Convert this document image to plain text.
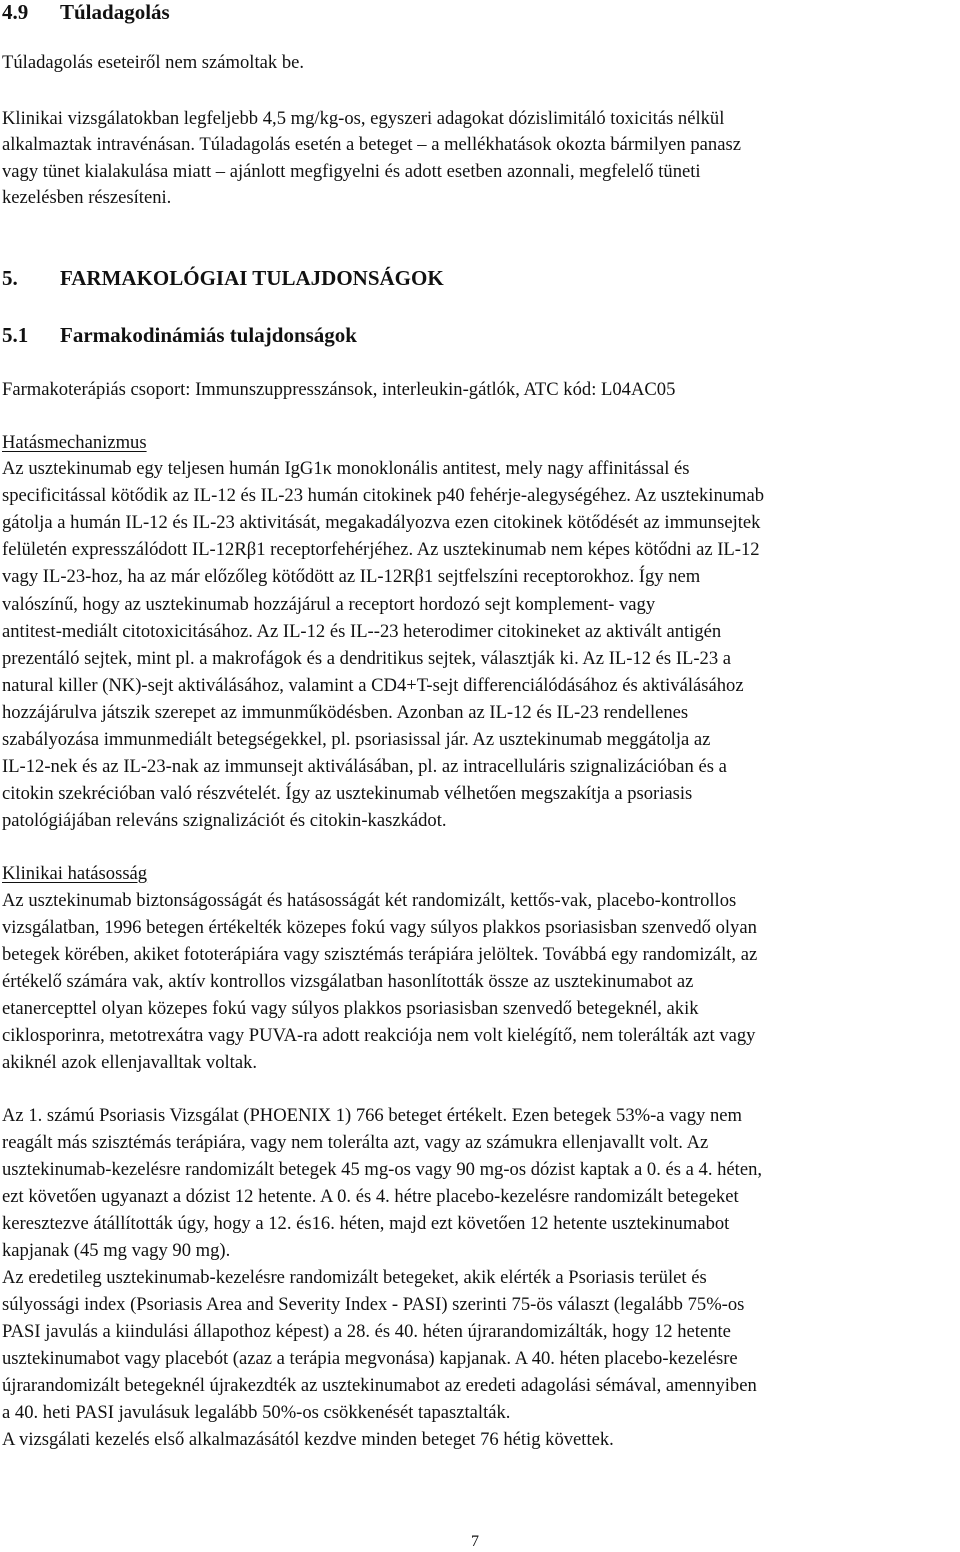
4.9 Túladagolás
Túladagolás eseteiről nem számoltak be.
Klinikai vizsgálatokban legfeljebb 4,5 mg/kg-os, egyszeri adagokat dózislimitáló toxicitás nélkül
alkalmaztak intravénásan. Túladagolás esetén a beteget – a mellékhatások okozta bármilyen panasz
vagy tünet kialakulása miatt – ajánlott megfigyelni és adott esetben azonnali, megfelelő tüneti
kezelésben részesíteni.
5. FARMAKOLÓGIAI TULAJDONSÁGOK
5.1 Farmakodinámiás tulajdonságok
Farmakoterápiás csoport: Immunszuppresszánsok, interleukin-gátlók, ATC kód: L04AC05
Hatásmechanizmus
Az usztekinumab egy teljesen humán IgG1κ monoklonális antitest, mely nagy affinitással és
specificitással kötődik az IL-12 és IL-23 humán citokinek p40 fehérje-alegységéhez. Az usztekinumab
gátolja a humán IL-12 és IL-23 aktivitását, megakadályozva ezen citokinek kötődését az immunsejtek
felületén expresszálódott IL-12Rβ1 receptorfehérjéhez. Az usztekinumab nem képes kötődni az IL-12
vagy IL-23-hoz, ha az már előzőleg kötődött az IL-12Rβ1 sejtfelszíni receptorokhoz. Így nem
valószínű, hogy az usztekinumab hozzájárul a receptort hordozó sejt komplement- vagy
antitest-mediált citotoxicitásához. Az IL-12 és IL--23 heterodimer citokineket az aktivált antigén
prezentáló sejtek, mint pl. a makrofágok és a dendritikus sejtek, választják ki. Az IL-12 és IL-23 a
natural killer (NK)-sejt aktiválásához, valamint a CD4+T-sejt differenciálódásához és aktiválásához
hozzájárulva játszik szerepet az immunműködésben. Azonban az IL-12 és IL-23 rendellenes
szabályozása immunmediált betegségekkel, pl. psoriasissal jár. Az usztekinumab meggátolja az
IL-12-nek és az IL-23-nak az immunsejt aktiválásában, pl. az intracelluláris szignalizációban és a
citokin szekrécióban való részvételét. Így az usztekinumab vélhetően megszakítja a psoriasis
patológiájában releváns szignalizációt és citokin-kaszkádot.
Klinikai hatásosság
Az usztekinumab biztonságosságát és hatásosságát két randomizált, kettős-vak, placebo-kontrollos
vizsgálatban, 1996 betegen értékelték közepes fokú vagy súlyos plakkos psoriasisban szenvedő olyan
betegek körében, akiket fototerápiára vagy szisztémás terápiára jelöltek. Továbbá egy randomizált, az
értékelő számára vak, aktív kontrollos vizsgálatban hasonlították össze az usztekinumabot az
etanercepttel olyan közepes fokú vagy súlyos plakkos psoriasisban szenvedő betegeknél, akik
ciklosporinra, metotrexátra vagy PUVA-ra adott reakciója nem volt kielégítő, nem tolerálták azt vagy
akiknél azok ellenjavalltak voltak.
Az 1. számú Psoriasis Vizsgálat (PHOENIX 1) 766 beteget értékelt. Ezen betegek 53%-a vagy nem
reagált más szisztémás terápiára, vagy nem tolerálta azt, vagy az számukra ellenjavallt volt. Az
usztekinumab-kezelésre randomizált betegek 45 mg-os vagy 90 mg-os dózist kaptak a 0. és a 4. héten,
ezt követően ugyanazt a dózist 12 hetente. A 0. és 4. hétre placebo-kezelésre randomizált betegeket
keresztezve átállították úgy, hogy a 12. és16. héten, majd ezt követően 12 hetente usztekinumabot
kapjanak (45 mg vagy 90 mg).
Az eredetileg usztekinumab-kezelésre randomizált betegeket, akik elérték a Psoriasis terület és
súlyossági index (Psoriasis Area and Severity Index - PASI) szerinti 75-ös választ (legalább 75%-os
PASI javulás a kiindulási állapothoz képest) a 28. és 40. héten újrarandomizálták, hogy 12 hetente
usztekinumabot vagy placebót (azaz a terápia megvonása) kapjanak. A 40. héten placebo-kezelésre
újrarandomizált betegeknél újrakezdték az usztekinumabot az eredeti adagolási sémával, amennyiben
a 40. heti PASI javulásuk legalább 50%-os csökkenését tapasztalták.
A vizsgálati kezelés első alkalmazásától kezdve minden beteget 76 hétig követtek.
7
